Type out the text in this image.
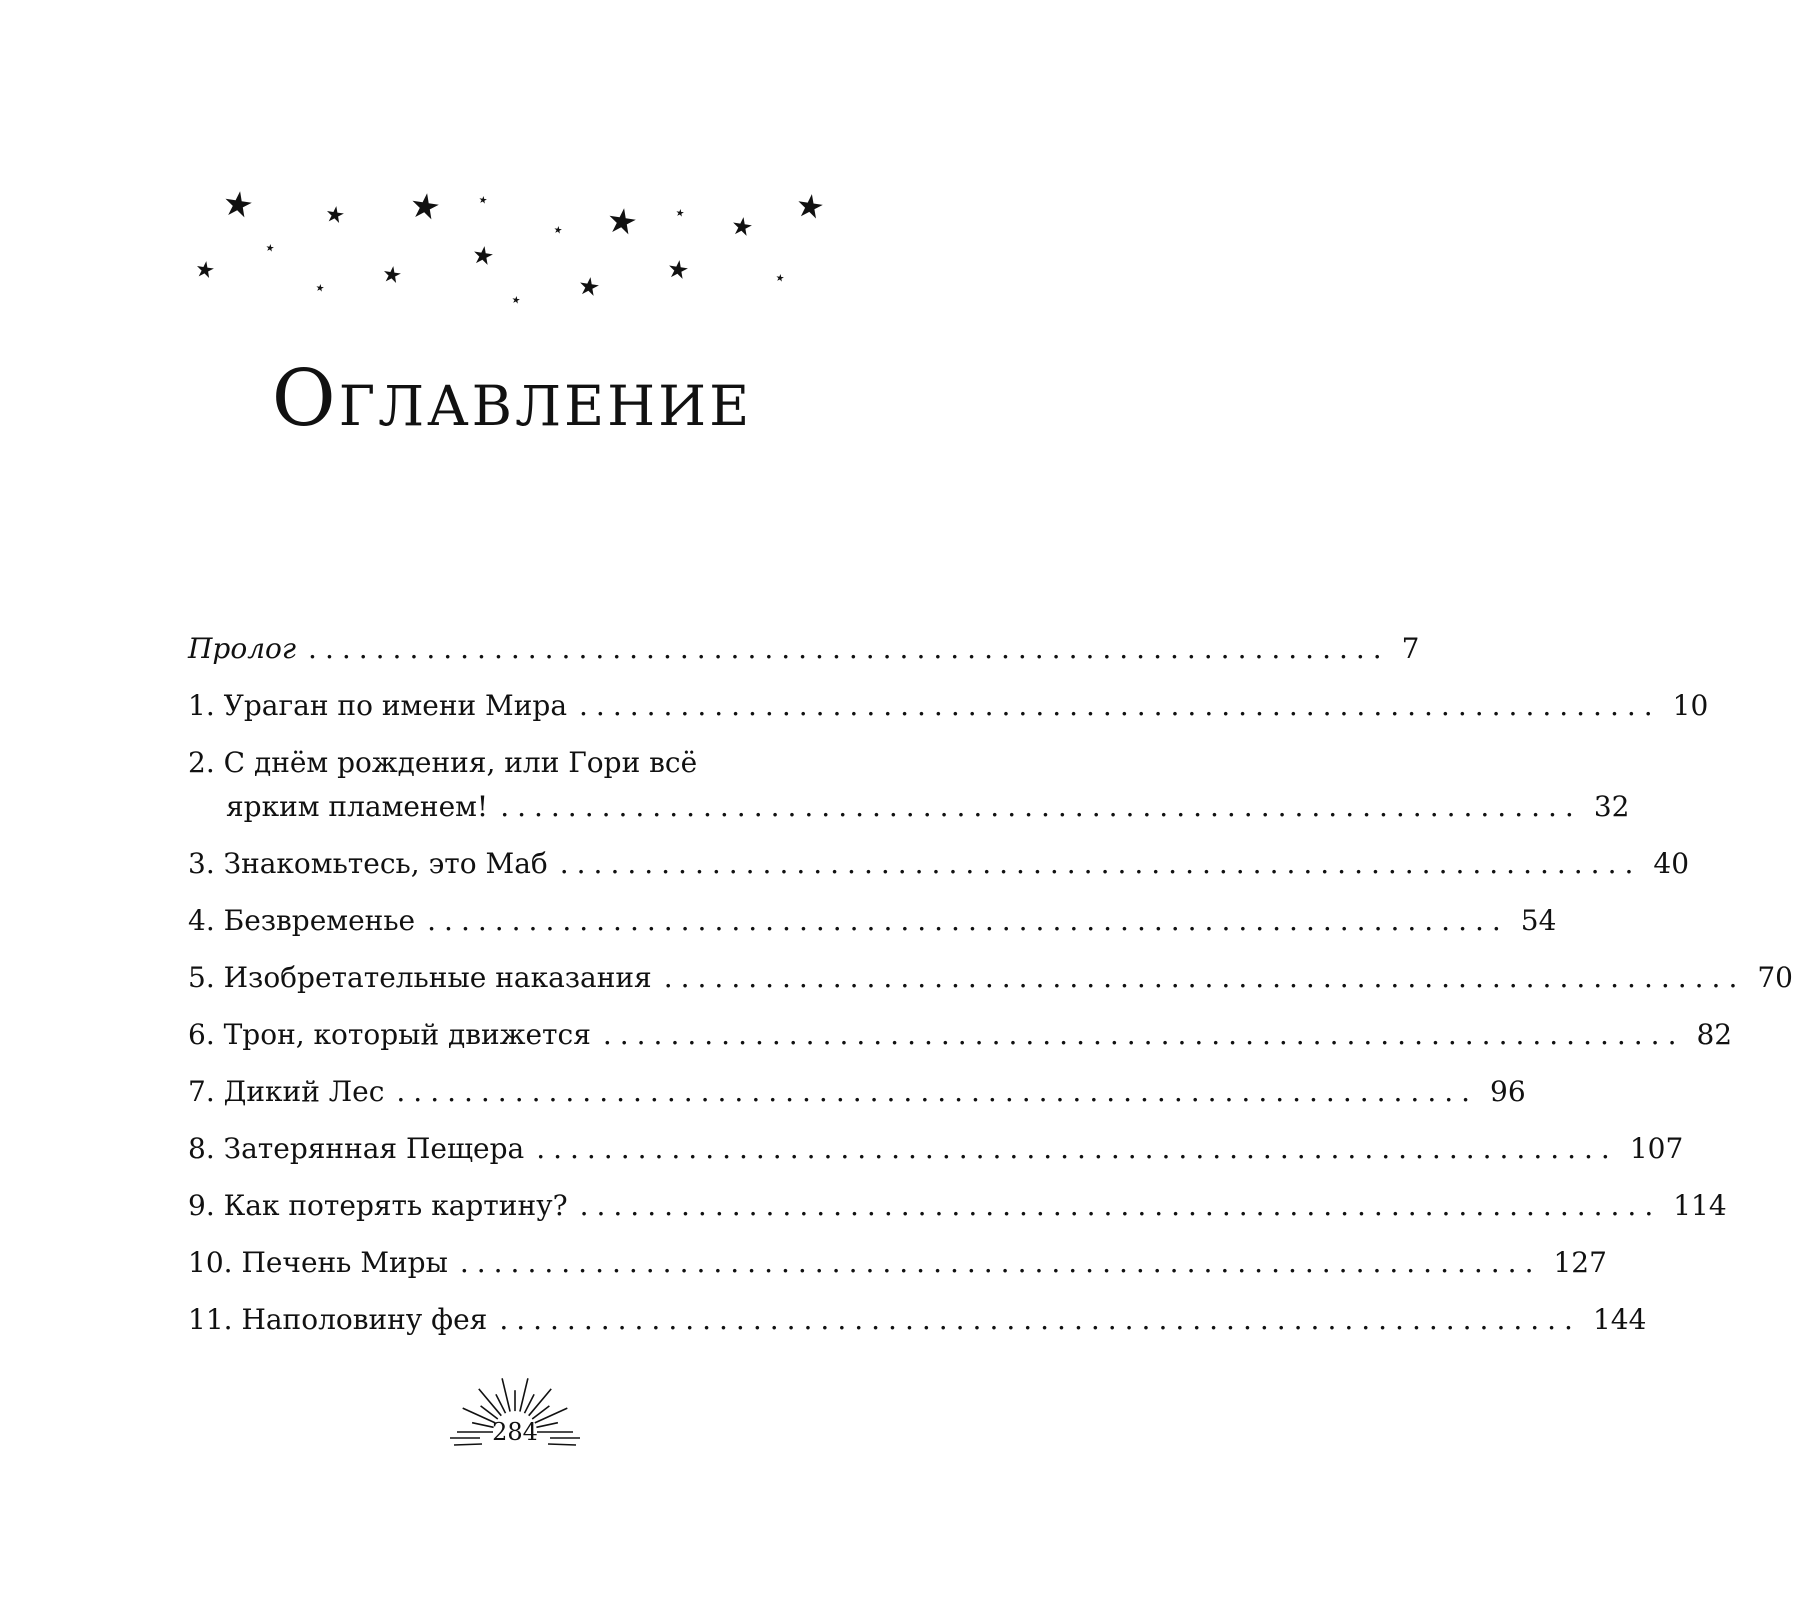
Оглавление
Пролог ................................................................ 7
1. Ураган по имени Мира ................................................................ 10
2. С днём рождения, или Гори всё
ярким пламенем! ................................................................ 32
3. Знакомьтесь, это Маб ................................................................ 40
4. Безвременье ................................................................ 54
5. Изобретательные наказания ................................................................ 70
6. Трон, который движется ................................................................ 82
7. Дикий Лес ................................................................ 96
8. Затерянная Пещера ................................................................ 107
9. Как потерять картину? ................................................................ 114
10. Печень Миры ................................................................ 127
11. Наполовину фея ................................................................ 144
284
